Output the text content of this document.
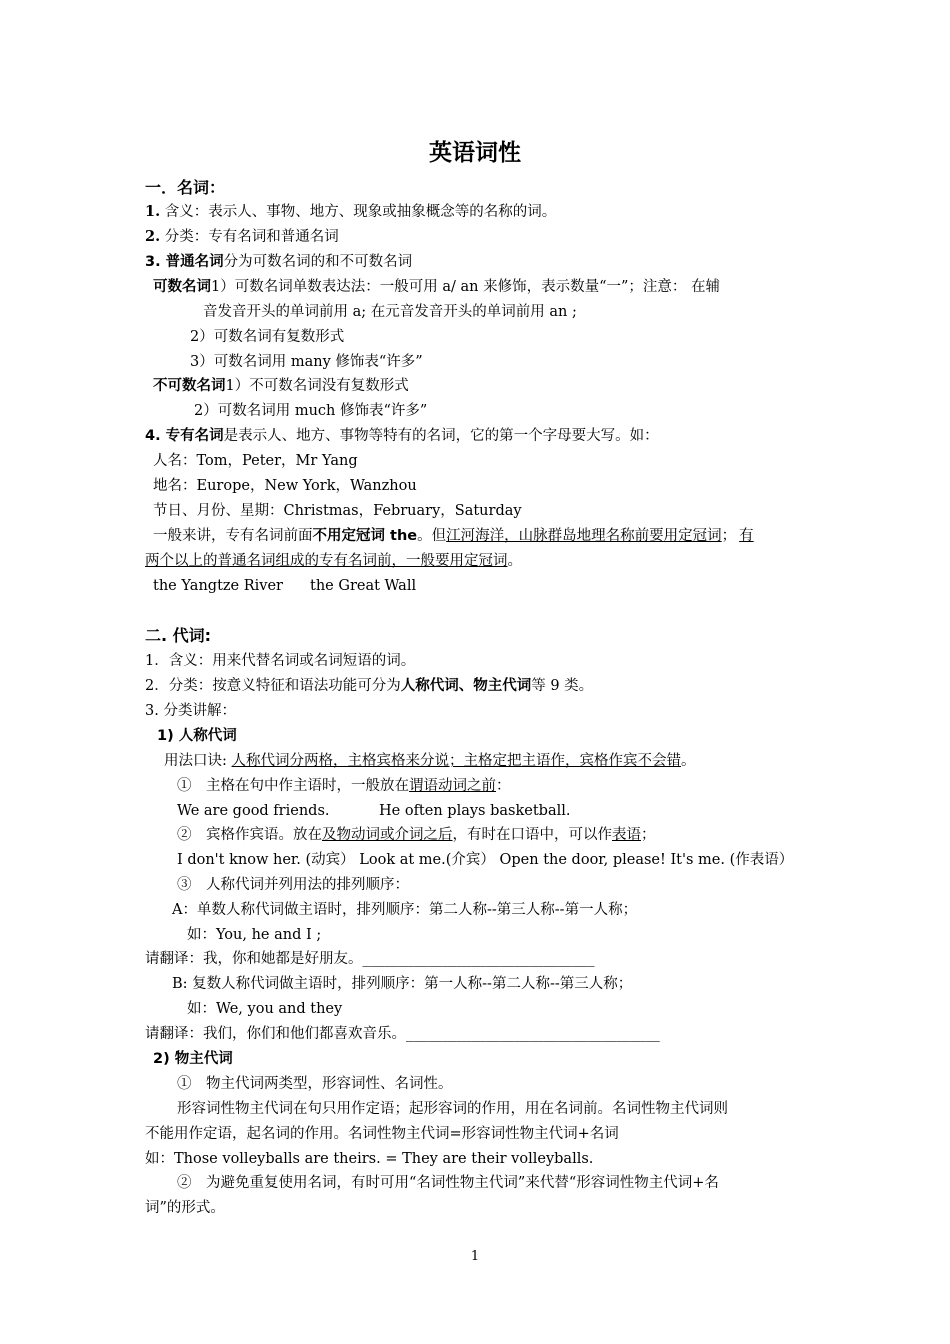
英语词性
一．名词：
1. 含义：表示人、事物、地方、现象或抽象概念等的名称的词。
2. 分类：专有名词和普通名词
3. 普通名词分为可数名词的和不可数名词
可数名词1）可数名词单数表达法：一般可用 a/ an 来修饰，表示数量“一”；注意： 在辅
音发音开头的单词前用 a; 在元音发音开头的单词前用 an ;
2）可数名词有复数形式
3）可数名词用 many 修饰表“许多”
不可数名词1）不可数名词没有复数形式
2）可数名词用 much 修饰表“许多”
4. 专有名词是表示人、地方、事物等特有的名词，它的第一个字母要大写。如：
人名：Tom，Peter，Mr Yang
地名：Europe，New York，Wanzhou
节日、月份、星期：Christmas，February，Saturday
一般来讲，专有名词前面不用定冠词 the。但江河海洋，山脉群岛地理名称前要用定冠词； 有
两个以上的普通名词组成的专有名词前，一般要用定冠词。
the Yangtze River the Great Wall
二. 代词:
1．含义：用来代替名词或名词短语的词。
2．分类：按意义特征和语法功能可分为人称代词、物主代词等 9 类。
3. 分类讲解：
1) 人称代词
用法口诀: 人称代词分两格，主格宾格来分说；主格定把主语作，宾格作宾不会错。
①　主格在句中作主语时，一般放在谓语动词之前：
We are good friends.	He often plays basketball.
②　宾格作宾语。放在及物动词或介词之后，有时在口语中，可以作表语；
I don't know her. (动宾） Look at me.(介宾） Open the door, please! It's me. (作表语）
③　人称代词并列用法的排列顺序：
A：单数人称代词做主语时，排列顺序：第二人称--第三人称--第一人称；
如：You, he and I ;
请翻译：我，你和她都是好朋友。________________________________
B: 复数人称代词做主语时，排列顺序：第一人称--第二人称--第三人称；
如：We, you and they
请翻译：我们，你们和他们都喜欢音乐。___________________________________
2) 物主代词
①　物主代词两类型，形容词性、名词性。
形容词性物主代词在句只用作定语；起形容词的作用，用在名词前。名词性物主代词则
不能用作定语，起名词的作用。名词性物主代词=形容词性物主代词+名词
如：Those volleyballs are theirs. = They are their volleyballs.
②　为避免重复使用名词，有时可用“名词性物主代词”来代替“形容词性物主代词+名
词”的形式。
1
